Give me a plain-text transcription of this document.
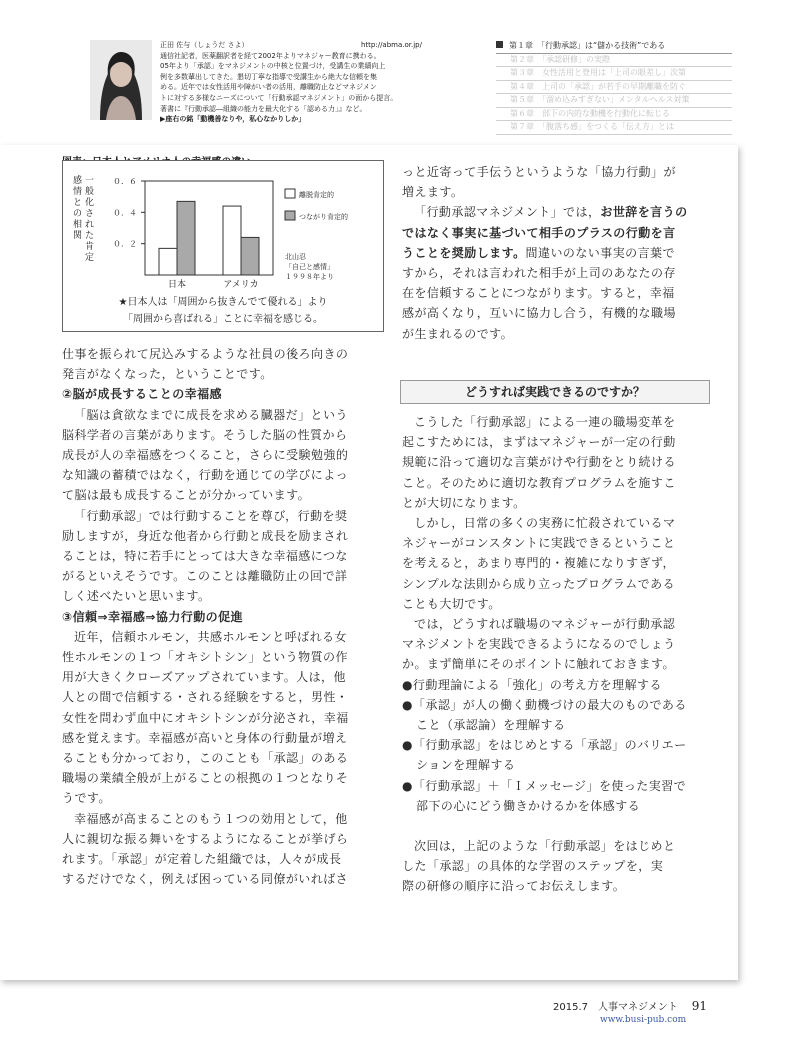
正田 佐与（しょうだ さよ）	http://abma.or.jp/
通信社記者，医薬翻訳者を経て2002年よりマネジャー教育に携わる。
05年より「承認」をマネジメントの中核と位置づけ，受講生の業績向上
例を多数輩出してきた。懇切丁寧な指導で受講生から絶大な信頼を集
める。近年では女性活用や障がい者の活用，離職防止などマネジメン
トに対する多様なニーズについて「行動承認マネジメント」の面から提言。
著書に『行動承認―組織の能力を最大化する「認める力」』など。
▶座右の銘「動機善なりや，私心なかりしか」
第１章　「行動承認」は“儲かる技術”である
第２章　「承認研修」の実際
第３章　女性活用と登用は「上司の眼差し」次第
第４章　上司の「承認」が若手の早期離職を防ぐ
第５章　「溜め込みすぎない」メンタルヘルス対策
第６章　部下の内的な動機を行動化に転じる
第７章　「腹落ち感」をつくる「伝え方」とは
一
般
化
さ
れ
た
肯
定
感
情
と
の
相
関
０．２
０．４
０．６
日本	アメリカ
離脱肯定的
つながり肯定的
北山忍
「自己と感情」
１９９８年より
★日本人は「周囲から抜きんでて優れる」より
「周囲から喜ばれる」ことに幸福を感じる。
仕事を振られて尻込みするような社員の後ろ向きの
発言がなくなった，ということです。
②脳が成長することの幸福感
「脳は貪欲なまでに成長を求める臓器だ」という
脳科学者の言葉があります。そうした脳の性質から
成長が人の幸福感をつくること，さらに受験勉強的
な知識の蓄積ではなく，行動を通じての学びによっ
て脳は最も成長することが分かっています。
「行動承認」では行動することを尊び，行動を奨
励しますが，身近な他者から行動と成長を励まされ
ることは，特に若手にとっては大きな幸福感につな
がるといえそうです。このことは離職防止の回で詳
しく述べたいと思います。
③信頼⇒幸福感⇒協力行動の促進
近年，信頼ホルモン，共感ホルモンと呼ばれる女
性ホルモンの１つ「オキシトシン」という物質の作
用が大きくクローズアップされています。人は，他
人との間で信頼する・される経験をすると，男性・
女性を問わず血中にオキシトシンが分泌され，幸福
感を覚えます。幸福感が高いと身体の行動量が増え
ることも分かっており，このことも「承認」のある
職場の業績全般が上がることの根拠の１つとなりそ
うです。
幸福感が高まることのもう１つの効用として，他
人に親切な振る舞いをするようになることが挙げら
れます。「承認」が定着した組織では，人々が成長
するだけでなく，例えば困っている同僚がいればさ
っと近寄って手伝うというような「協力行動」が
増えます。
「行動承認マネジメント」では，お世辞を言うの
ではなく事実に基づいて相手のプラスの行動を言
うことを奨励します。間違いのない事実の言葉で
すから，それは言われた相手が上司のあなたの存
在を信頼することにつながります。すると，幸福
感が高くなり，互いに協力し合う，有機的な職場
が生まれるのです。
どうすれば実践できるのですか？
こうした「行動承認」による一連の職場変革を
起こすためには，まずはマネジャーが一定の行動
規範に沿って適切な言葉がけや行動をとり続ける
こと。そのために適切な教育プログラムを施すこ
とが大切になります。
しかし，日常の多くの実務に忙殺されているマ
ネジャーがコンスタントに実践できるということ
を考えると，あまり専門的・複雑になりすぎず，
シンプルな法則から成り立ったプログラムである
ことも大切です。
では，どうすれば職場のマネジャーが行動承認
マネジメントを実践できるようになるのでしょう
か。まず簡単にそのポイントに触れておきます。
●行動理論による「強化」の考え方を理解する
●「承認」が人の働く動機づけの最大のものである
こと（承認論）を理解する
●「行動承認」をはじめとする「承認」のバリエー
ションを理解する
●「行動承認」＋「Ｉメッセージ」を使った実習で
部下の心にどう働きかけるかを体感する
次回は，上記のような「行動承認」をはじめと
した「承認」の具体的な学習のステップを，実
際の研修の順序に沿ってお伝えします。
2015.7　人事マネジメント 91
www.busi-pub.com
